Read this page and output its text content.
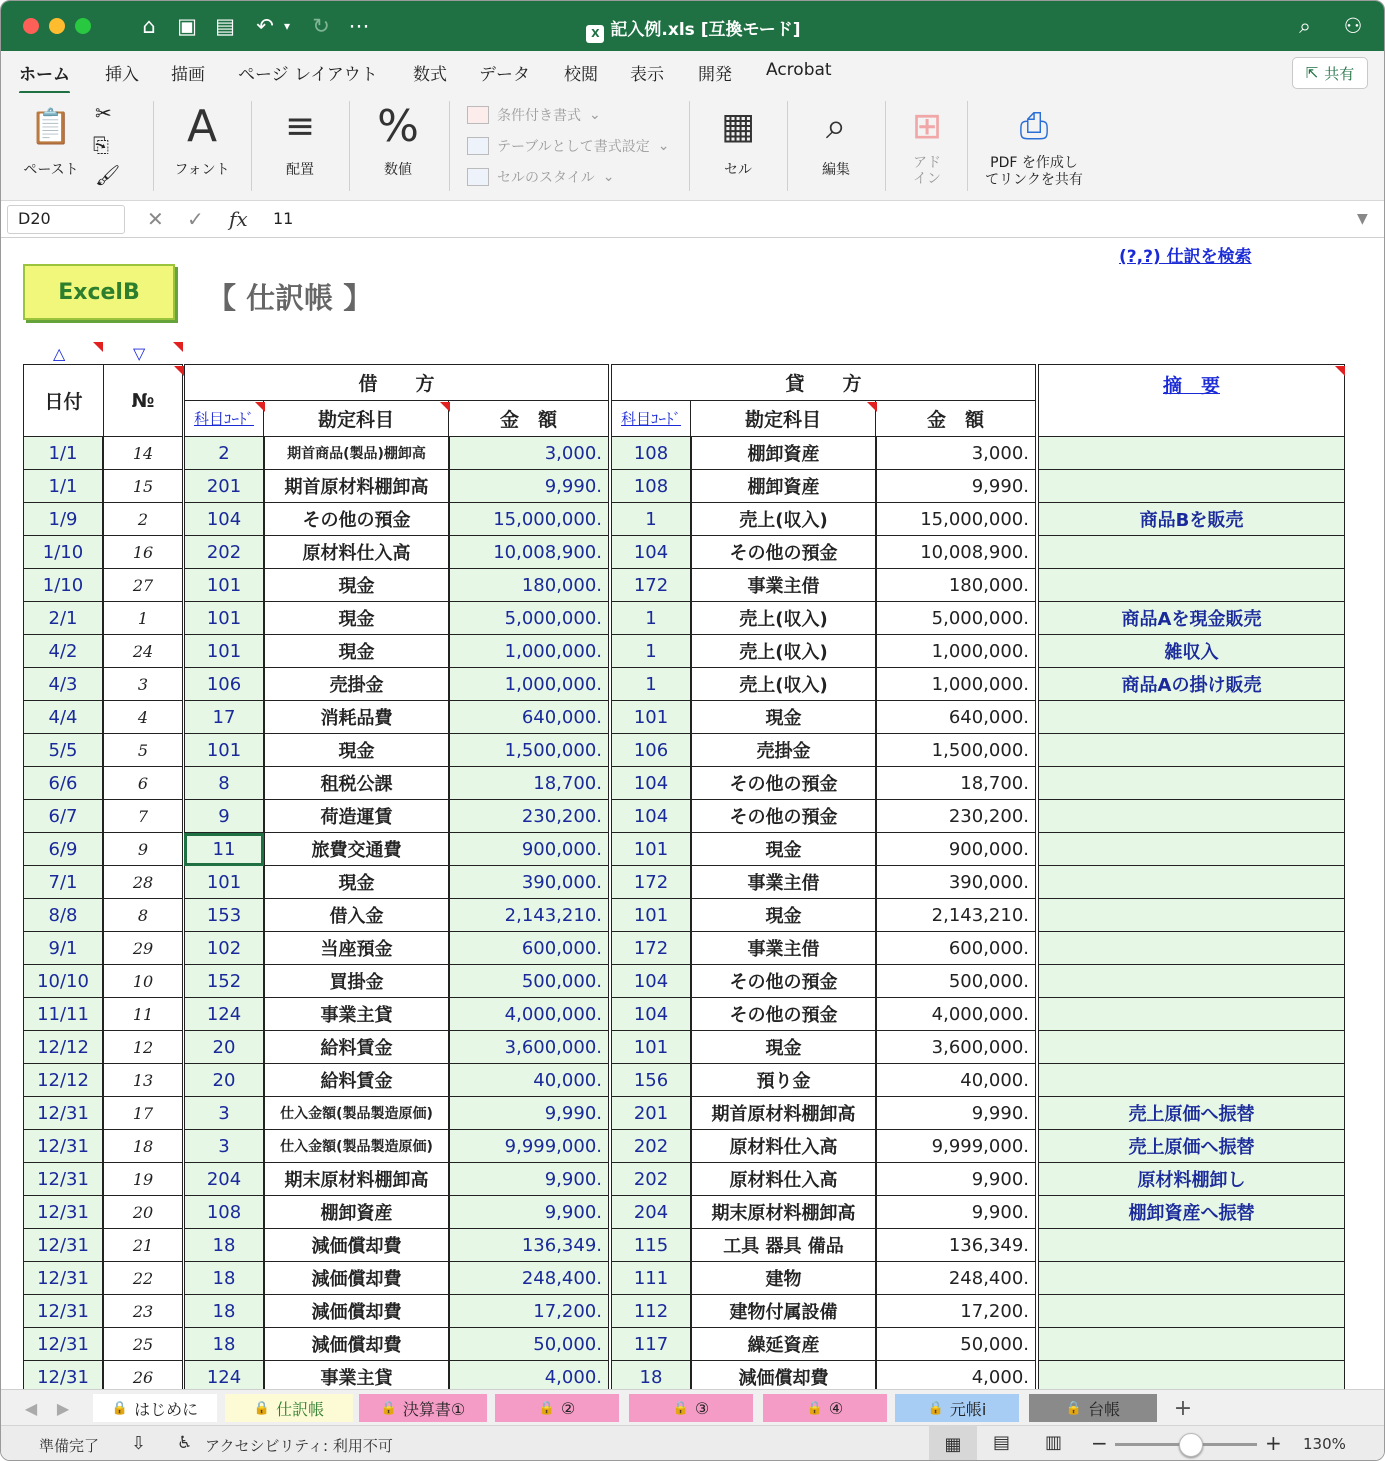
⌂	▣ ▤ ↶ ▾ ↻ ⋯	X 記入例.xls [互換モード]	⌕	⚇
ホーム 挿入 描画 ページ レイアウト 数式 データ 校閲 表示 開発 Acrobat	⇱ 共有
📋
ペースト
✂
⎘
🖌
A
フォント
≡
配置
%
数値
条件付き書式 ⌄
テーブルとして書式設定 ⌄
セルのスタイル ⌄
▦
セル
⌕
編集
⊞
アド
イン
⎙
PDF を作成し
てリンクを共有
D20	✕ ✓ fx 11	▼
ExcelB	【 仕訳帳 】
(?,?) 仕訳を検索
△	▽
日付	№
借　　方	貸　　方	摘　要
科目ｺｰﾄﾞ	勘定科目	金　額	科目ｺｰﾄﾞ	勘定科目	金　額
1/1	14	2	期首商品(製品)棚卸高	3,000.	108	棚卸資産	3,000.
1/1	15	201	期首原材料棚卸高	9,990.	108	棚卸資産	9,990.
1/9	2	104	その他の預金	15,000,000.	1	売上(収入)	15,000,000.	商品Bを販売
1/10	16	202	原材料仕入高	10,008,900.	104	その他の預金	10,008,900.
1/10	27	101	現金	180,000.	172	事業主借	180,000.
2/1	1	101	現金	5,000,000.	1	売上(収入)	5,000,000.	商品Aを現金販売
4/2	24	101	現金	1,000,000.	1	売上(収入)	1,000,000.	雑収入
4/3	3	106	売掛金	1,000,000.	1	売上(収入)	1,000,000.	商品Aの掛け販売
4/4	4	17	消耗品費	640,000.	101	現金	640,000.
5/5	5	101	現金	1,500,000.	106	売掛金	1,500,000.
6/6	6	8	租税公課	18,700.	104	その他の預金	18,700.
6/7	7	9	荷造運賃	230,200.	104	その他の預金	230,200.
6/9	9	11	旅費交通費	900,000.	101	現金	900,000.
7/1	28	101	現金	390,000.	172	事業主借	390,000.
8/8	8	153	借入金	2,143,210.	101	現金	2,143,210.
9/1	29	102	当座預金	600,000.	172	事業主借	600,000.
10/10	10	152	買掛金	500,000.	104	その他の預金	500,000.
11/11	11	124	事業主貸	4,000,000.	104	その他の預金	4,000,000.
12/12	12	20	給料賃金	3,600,000.	101	現金	3,600,000.
12/12	13	20	給料賃金	40,000.	156	預り金	40,000.
12/31	17	3	仕入金額(製品製造原価)	9,990.	201	期首原材料棚卸高	9,990.	売上原価へ振替
12/31	18	3	仕入金額(製品製造原価)	9,999,000.	202	原材料仕入高	9,999,000.	売上原価へ振替
12/31	19	204	期末原材料棚卸高	9,900.	202	原材料仕入高	9,900.	原材料棚卸し
12/31	20	108	棚卸資産	9,900.	204	期末原材料棚卸高	9,900.	棚卸資産へ振替
12/31	21	18	減価償却費	136,349.	115	工具 器具 備品	136,349.
12/31	22	18	減価償却費	248,400.	111	建物	248,400.
12/31	23	18	減価償却費	17,200.	112	建物付属設備	17,200.
12/31	25	18	減価償却費	50,000.	117	繰延資産	50,000.
12/31	26	124	事業主貸	4,000.	18	減価償却費	4,000.
◀	▶	🔒 はじめに	🔒 仕訳帳	🔒 決算書①	🔒 ②	🔒 ③	🔒 ④	🔒 元帳i	🔒 台帳 +
準備完了 ⇩ ♿ アクセシビリティ: 利用不可	▦	▤ ▥ −	+ 130%
